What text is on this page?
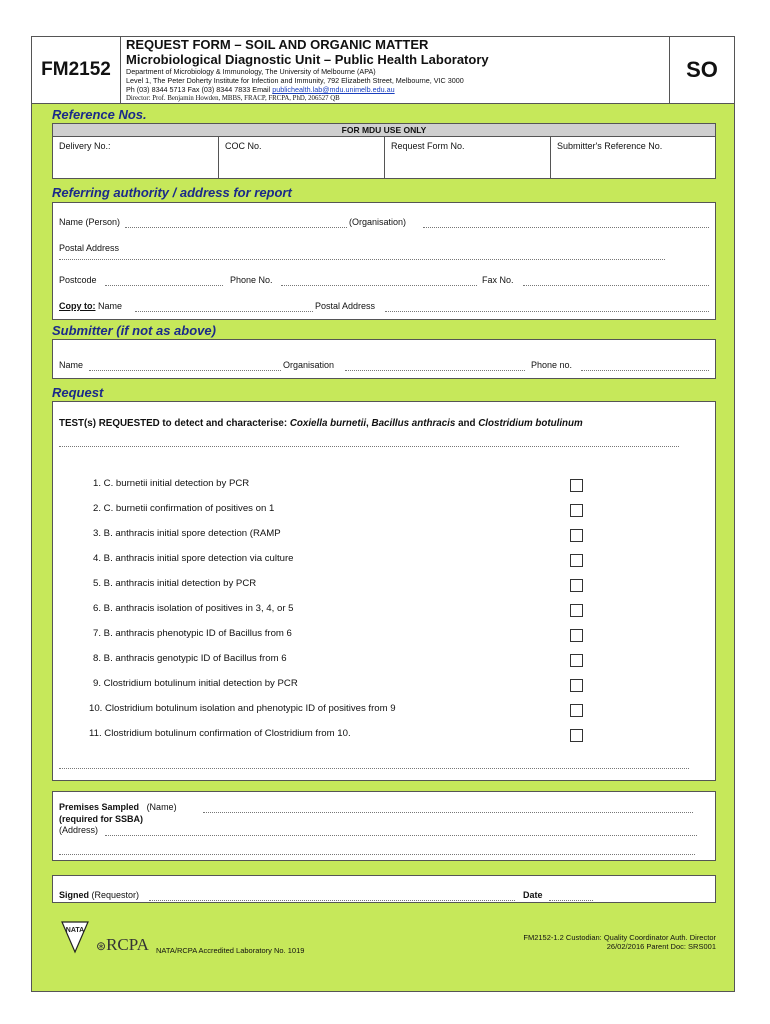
FM2152
REQUEST FORM – SOIL AND ORGANIC MATTER
Microbiological Diagnostic Unit – Public Health Laboratory
Department of Microbiology & Immunology, The University of Melbourne (APA)
Level 1, The Peter Doherty Institute for Infection and Immunity, 792 Elizabeth Street, Melbourne, VIC 3000
Ph (03) 8344 5713 Fax (03) 8344 7833 Email publichealth.lab@mdu.unimelb.edu.au
Director: Prof. Benjamin Howden, MBBS, FRACP, FRCPA, PhD, 206527 QB
SO
Reference Nos.
FOR MDU USE ONLY
Delivery No.:	COC No.	Request Form No.	Submitter's Reference No.
Referring authority / address for report
Name (Person)	(Organisation)
Postal Address
Postcode	Phone No.	Fax No.
Copy to: Name	Postal Address
Submitter (if not as above)
Name	Organisation	Phone no.
Request
TEST(s) REQUESTED to detect and characterise: Coxiella burnetii, Bacillus anthracis and Clostridium botulinum
1. C. burnetii initial detection by PCR
2. C. burnetii confirmation of positives on 1
3. B. anthracis initial spore detection (RAMP
4. B. anthracis initial spore detection via culture
5. B. anthracis initial detection by PCR
6. B. anthracis isolation of positives in 3, 4, or 5
7. B. anthracis phenotypic ID of Bacillus from 6
8. B. anthracis genotypic ID of Bacillus from 6
9. Clostridium botulinum initial detection by PCR
10. Clostridium botulinum isolation and phenotypic ID of positives from 9
11. Clostridium botulinum confirmation of Clostridium from 10.
Premises Sampled (Name)
(required for SSBA)
(Address)
Signed (Requestor)	Date
NATA
⊛RCPA NATA/RCPA Accredited Laboratory No. 1019
FM2152-1.2 Custodian: Quality Coordinator Auth. Director
26/02/2016 Parent Doc: SRS001
